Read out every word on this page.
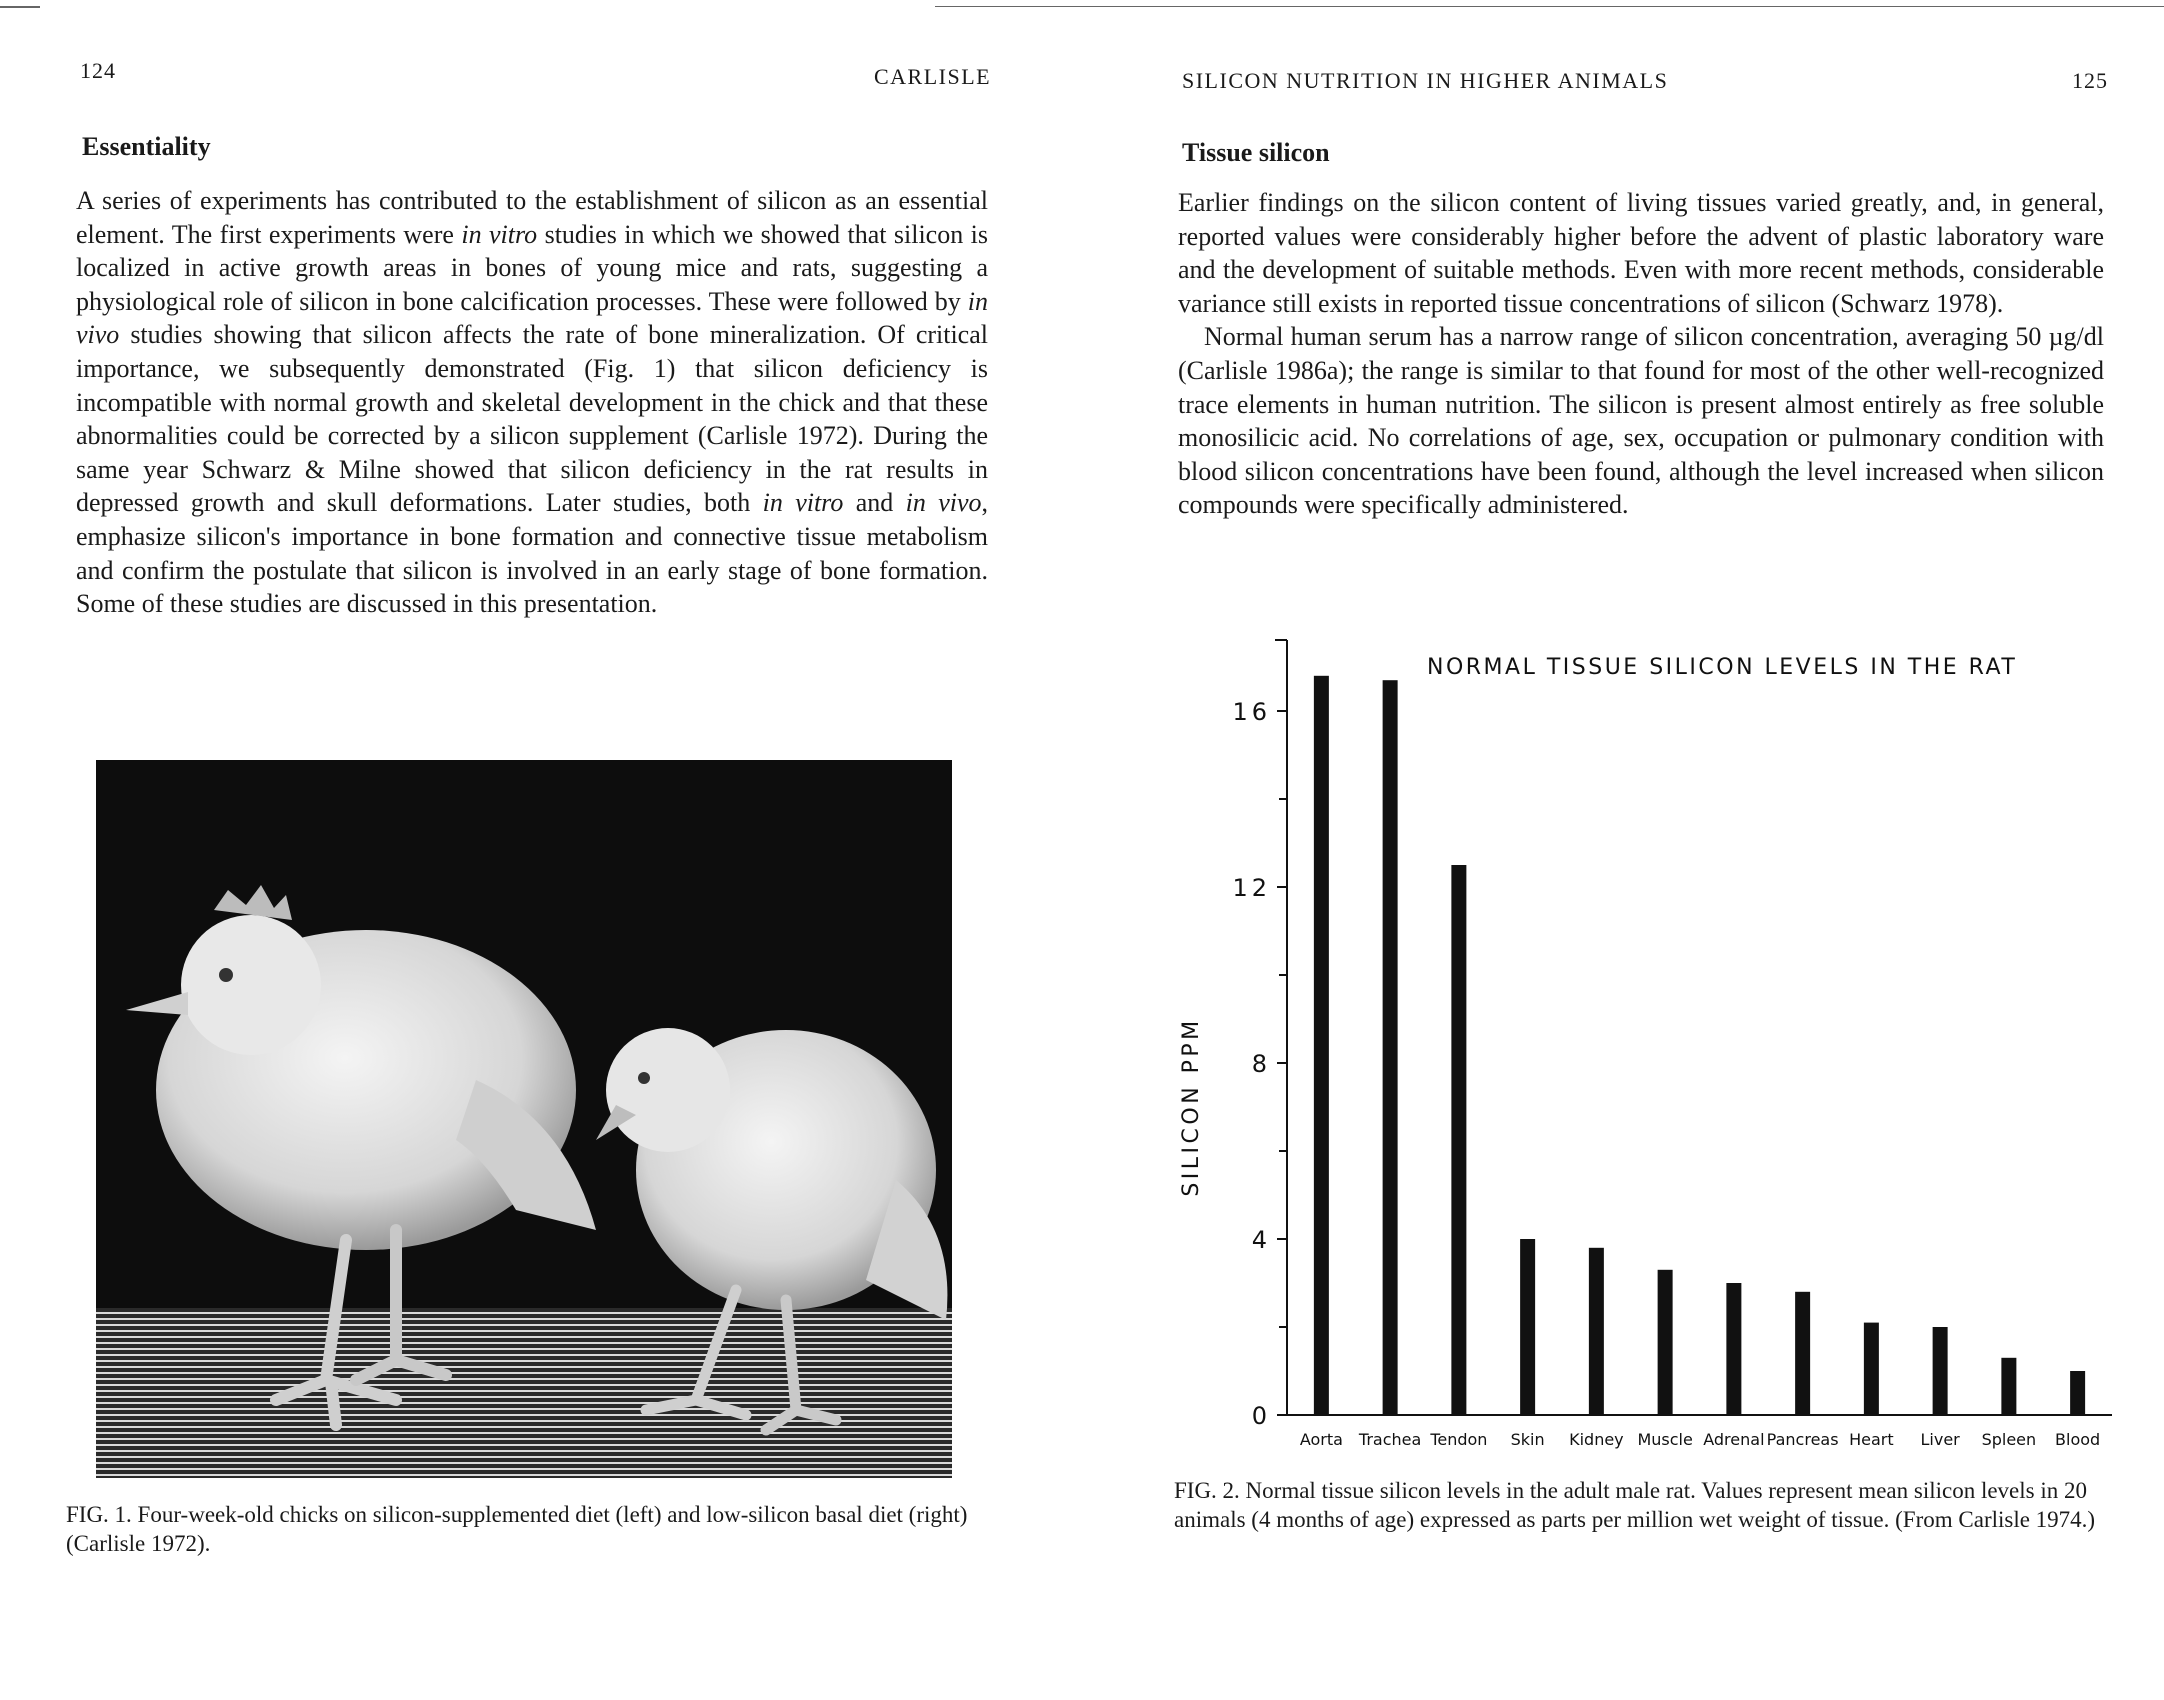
124	CARLISLE
Essentiality

A series of experiments has contributed to the establishment of silicon as an essential element. The first experiments were in vitro studies in which we showed that silicon is localized in active growth areas in bones of young mice and rats, suggesting a physiological role of silicon in bone calcification processes. These were followed by in vivo studies showing that silicon affects the rate of bone mineralization. Of critical importance, we subsequently demonstrated (Fig. 1) that silicon deficiency is incompatible with normal growth and skeletal development in the chick and that these abnormalities could be corrected by a silicon supplement (Carlisle 1972). During the same year Schwarz & Milne showed that silicon deficiency in the rat results in depressed growth and skull deformations. Later studies, both in vitro and in vivo, emphasize silicon's importance in bone formation and connective tissue metabolism and confirm the postulate that silicon is involved in an early stage of bone formation. Some of these studies are discussed in this presentation.

FIG. 1. Four-week-old chicks on silicon-supplemented diet (left) and low-silicon basal diet (right) (Carlisle 1972).
SILICON NUTRITION IN HIGHER ANIMALS	125
Tissue silicon

Earlier findings on the silicon content of living tissues varied greatly, and, in general, reported values were considerably higher before the advent of plastic laboratory ware and the development of suitable methods. Even with more recent methods, considerable variance still exists in reported tissue concentrations of silicon (Schwarz 1978).

Normal human serum has a narrow range of silicon concentration, averaging 50 µg/dl (Carlisle 1986a); the range is similar to that found for most of the other well-recognized trace elements in human nutrition. The silicon is present almost entirely as free soluble monosilicic acid. No correlations of age, sex, occupation or pulmonary condition with blood silicon concentrations have been found, although the level increased when silicon compounds were specifically administered.

FIG. 2. Normal tissue silicon levels in the adult male rat. Values represent mean silicon levels in 20 animals (4 months of age) expressed as parts per million wet weight of tissue. (From Carlisle 1974.)
0
4
8
12
16
Aorta Trachea Tendon Skin Kidney Muscle Adrenal Pancreas Heart Liver Spleen Blood
NORMAL TISSUE SILICON LEVELS IN THE RAT
SILICON PPM
